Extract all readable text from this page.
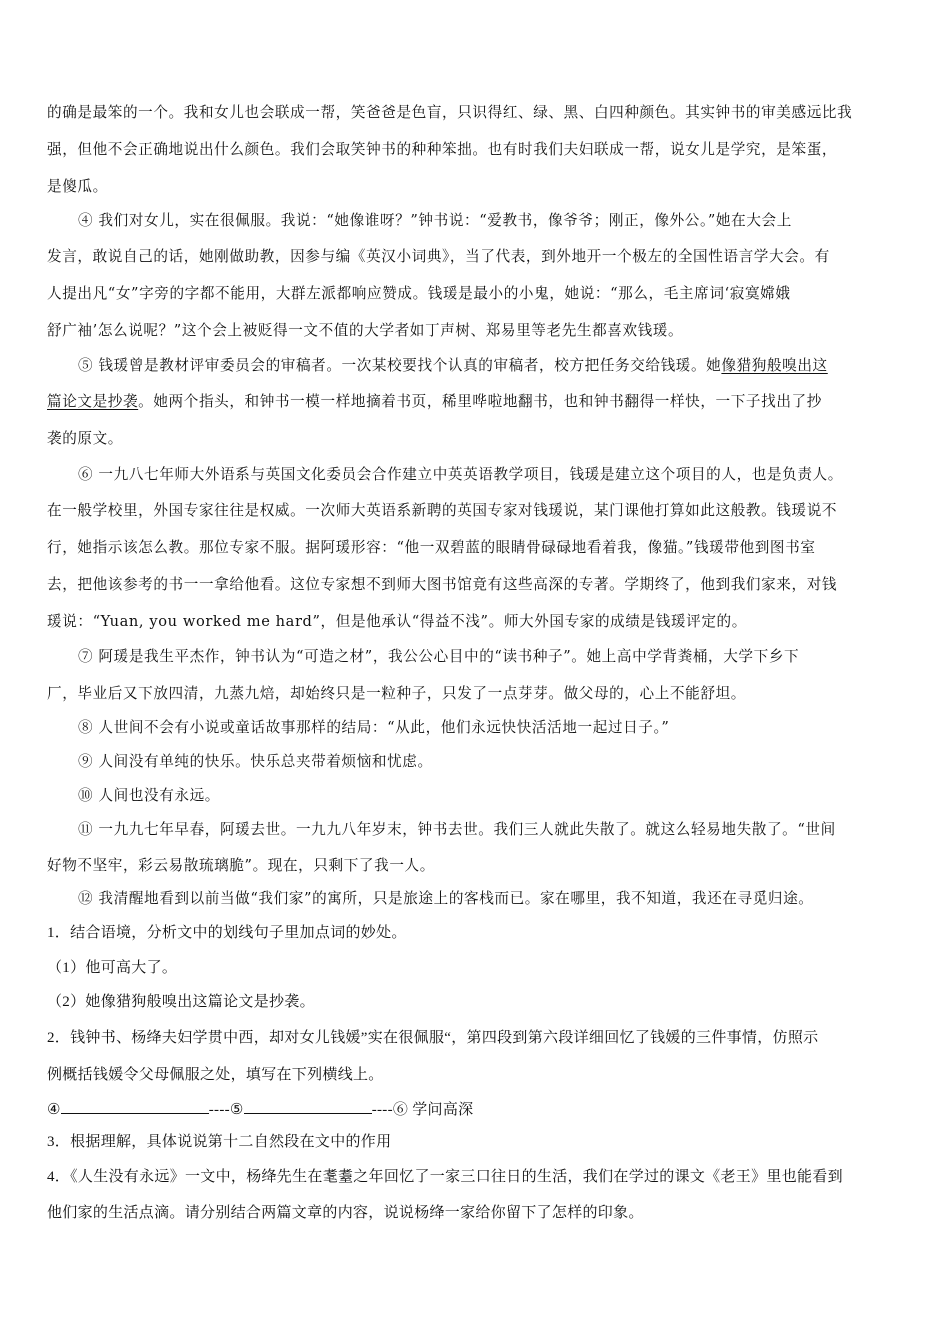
的确是最笨的一个。我和女儿也会联成一帮，笑爸爸是色盲，只识得红、绿、黑、白四种颜色。其实钟书的审美感远比我
强，但他不会正确地说出什么颜色。我们会取笑钟书的种种笨拙。也有时我们夫妇联成一帮，说女儿是学究，是笨蛋，
是傻瓜。
④ 我们对女儿，实在很佩服。我说：“她像谁呀？”钟书说：“爱教书，像爷爷；刚正，像外公。”她在大会上
发言，敢说自己的话，她刚做助教，因参与编《英汉小词典》，当了代表，到外地开一个极左的全国性语言学大会。有
人提出凡“女”字旁的字都不能用，大群左派都响应赞成。钱瑗是最小的小鬼，她说：“那么，毛主席词‘寂寞嫦娥
舒广袖’怎么说呢？”这个会上被贬得一文不值的大学者如丁声树、郑易里等老先生都喜欢钱瑗。
⑤ 钱瑗曾是教材评审委员会的审稿者。一次某校要找个认真的审稿者，校方把任务交给钱瑗。她像猎狗般嗅出这
篇论文是抄袭。她两个指头，和钟书一模一样地摘着书页，稀里哗啦地翻书，也和钟书翻得一样快，一下子找出了抄
袭的原文。
⑥ 一九八七年师大外语系与英国文化委员会合作建立中英英语教学项目，钱瑗是建立这个项目的人，也是负责人。
在一般学校里，外国专家往往是权威。一次师大英语系新聘的英国专家对钱瑗说，某门课他打算如此这般教。钱瑗说不
行，她指示该怎么教。那位专家不服。据阿瑗形容：“他一双碧蓝的眼睛骨碌碌地看着我，像猫。”钱瑗带他到图书室
去，把他该参考的书一一拿给他看。这位专家想不到师大图书馆竟有这些高深的专著。学期终了，他到我们家来，对钱
瑗说：“Yuan, you worked me hard”，但是他承认“得益不浅”。师大外国专家的成绩是钱瑗评定的。
⑦ 阿瑗是我生平杰作，钟书认为“可造之材”，我公公心目中的“读书种子”。她上高中学背粪桶，大学下乡下
厂，毕业后又下放四清，九蒸九焙，却始终只是一粒种子，只发了一点芽芽。做父母的，心上不能舒坦。
⑧ 人世间不会有小说或童话故事那样的结局：“从此，他们永远快快活活地一起过日子。”
⑨ 人间没有单纯的快乐。快乐总夹带着烦恼和忧虑。
⑩ 人间也没有永远。
⑪ 一九九七年早春，阿瑗去世。一九九八年岁末，钟书去世。我们三人就此失散了。就这么轻易地失散了。“世间
好物不坚牢，彩云易散琉璃脆”。现在，只剩下了我一人。
⑫ 我清醒地看到以前当做“我们家”的寓所，只是旅途上的客栈而已。家在哪里，我不知道，我还在寻觅归途。
1．结合语境，分析文中的划线句子里加点词的妙处。
（1）他可高大了。
（2）她像猎狗般嗅出这篇论文是抄袭。
2．钱钟书、杨绛夫妇学贯中西，却对女儿钱媛”实在很佩服“，第四段到第六段详细回忆了钱媛的三件事情，仿照示
例概括钱媛令父母佩服之处，填写在下列横线上。
④	----⑤	----⑥ 学问高深
3．根据理解，具体说说第十二自然段在文中的作用
4．《人生没有永远》一文中，杨绛先生在耄耋之年回忆了一家三口往日的生活，我们在学过的课文《老王》里也能看到
他们家的生活点滴。请分别结合两篇文章的内容，说说杨绛一家给你留下了怎样的印象。
